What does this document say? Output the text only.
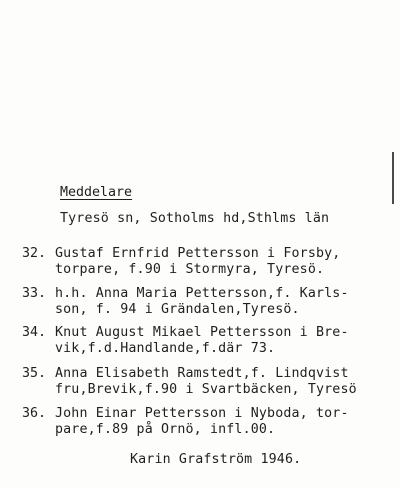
Meddelare
Tyresö sn, Sotholms hd,Sthlms län
32. Gustaf Ernfrid Pettersson i Forsby,
torpare, f.90 i Stormyra, Tyresö.
33. h.h. Anna Maria Pettersson,f. Karls-
son, f. 94 i Grändalen,Tyresö.
34. Knut August Mikael Pettersson i Bre-
vik,f.d.Handlande,f.där 73.
35. Anna Elisabeth Ramstedt,f. Lindqvist
fru,Brevik,f.90 i Svartbäcken, Tyresö
36. John Einar Pettersson i Nyboda, tor-
pare,f.89 på Ornö, infl.00.
Karin Grafström 1946.
